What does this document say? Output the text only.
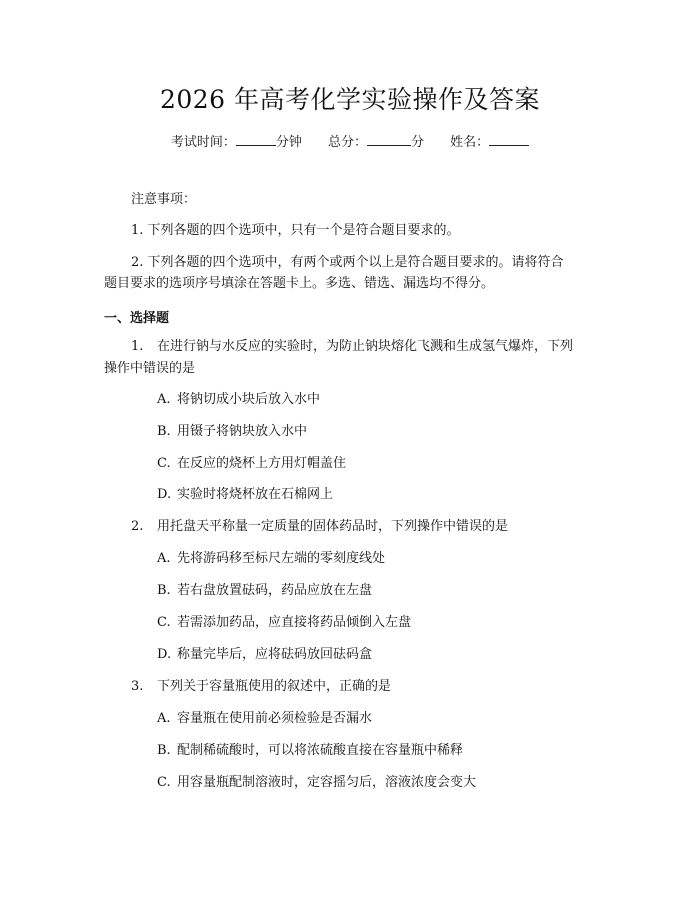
2026 年高考化学实验操作及答案
考试时间：	分钟 总分：	分 姓名：
注意事项：
1. 下列各题的四个选项中，只有一个是符合题目要求的。
2. 下列各题的四个选项中，有两个或两个以上是符合题目要求的。请将符合
题目要求的选项序号填涂在答题卡上。多选、错选、漏选均不得分。
一、选择题
1. 在进行钠与水反应的实验时，为防止钠块熔化飞溅和生成氢气爆炸，下列
操作中错误的是
A. 将钠切成小块后放入水中
B. 用镊子将钠块放入水中
C. 在反应的烧杯上方用灯帽盖住
D. 实验时将烧杯放在石棉网上
2. 用托盘天平称量一定质量的固体药品时，下列操作中错误的是
A. 先将游码移至标尺左端的零刻度线处
B. 若右盘放置砝码，药品应放在左盘
C. 若需添加药品，应直接将药品倾倒入左盘
D. 称量完毕后，应将砝码放回砝码盒
3. 下列关于容量瓶使用的叙述中，正确的是
A. 容量瓶在使用前必须检验是否漏水
B. 配制稀硫酸时，可以将浓硫酸直接在容量瓶中稀释
C. 用容量瓶配制溶液时，定容摇匀后，溶液浓度会变大
